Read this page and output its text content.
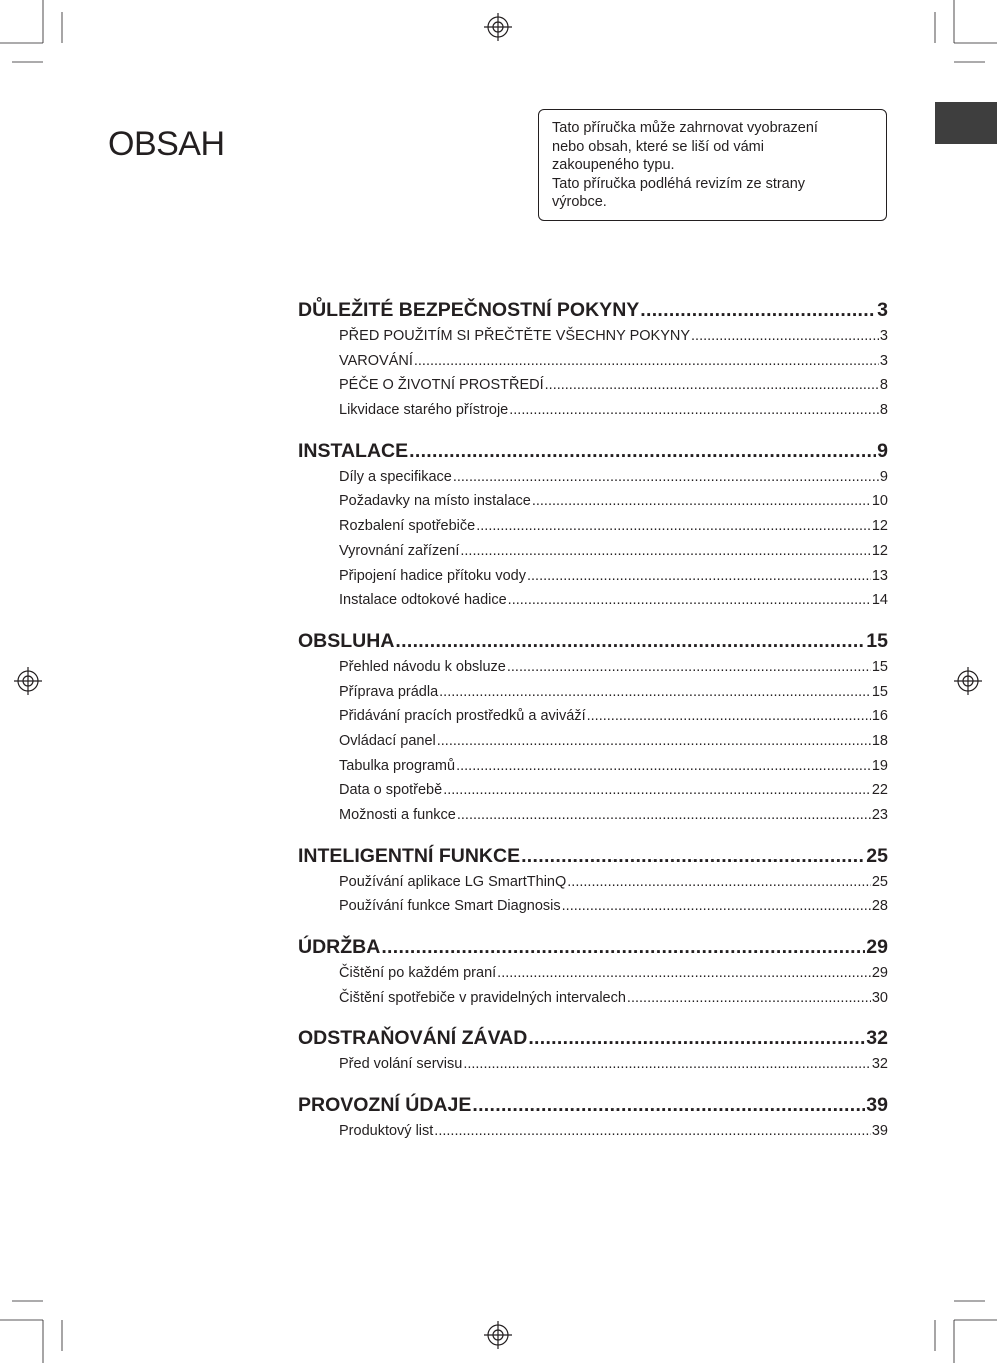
OBSAH	Tato příručka může zahrnovat vyobrazení
nebo obsah, které se liší od vámi
zakoupeného typu.
Tato příručka podléhá revizím ze strany
výrobce.
DŮLEŽITÉ BEZPEČNOSTNÍ POKYNY .....	3
PŘED POUŽITÍM SI PŘEČTĚTE VŠECHNY POKYNY .....	3
VAROVÁNÍ .....	3
PÉČE O ŽIVOTNÍ PROSTŘEDÍ .....	8
Likvidace starého přístroje .....	8
INSTALACE .....	9
Díly a specifikace .....	9
Požadavky na místo instalace .....	10
Rozbalení spotřebiče .....	12
Vyrovnání zařízení .....	12
Připojení hadice přítoku vody .....	13
Instalace odtokové hadice .....	14
OBSLUHA .....	15
Přehled návodu k obsluze .....	15
Příprava prádla .....	15
Přidávání pracích prostředků a aviváží .....	16
Ovládací panel .....	18
Tabulka programů .....	19
Data o spotřebě .....	22
Možnosti a funkce .....	23
INTELIGENTNÍ FUNKCE .....	25
Používání aplikace LG SmartThinQ .....	25
Používání funkce Smart Diagnosis .....	28
ÚDRŽBA .....	29
Čištění po každém praní .....	29
Čištění spotřebiče v pravidelných intervalech .....	30
ODSTRAŇOVÁNÍ ZÁVAD .....	32
Před volání servisu .....	32
PROVOZNÍ ÚDAJE .....	39
Produktový list .....	39
